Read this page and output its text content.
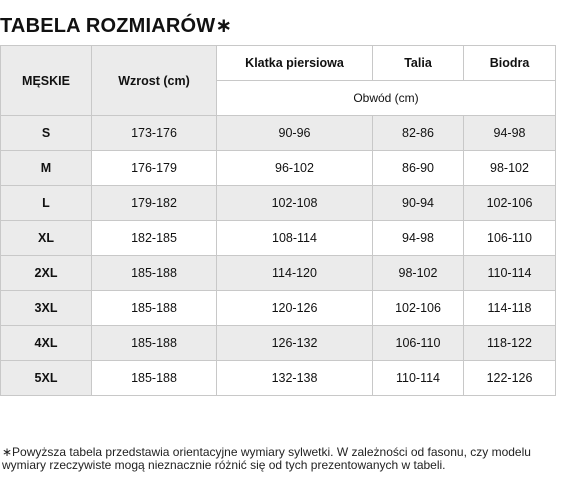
TABELA ROZMIARÓW∗
MĘSKIE	Wzrost (cm)	Klatka piersiowa	Talia	Biodra
		Obwód (cm)		
S	173-176	90-96	82-86	94-98
M	176-179	96-102	86-90	98-102
L	179-182	102-108	90-94	102-106
XL	182-185	108-114	94-98	106-110
2XL	185-188	114-120	98-102	110-114
3XL	185-188	120-126	102-106	114-118
4XL	185-188	126-132	106-110	118-122
5XL	185-188	132-138	110-114	122-126
∗Powyższa tabela przedstawia orientacyjne wymiary sylwetki. W zależności od fasonu, czy modelu wymiary rzeczywiste mogą nieznacznie różnić się od tych prezentowanych w tabeli.
